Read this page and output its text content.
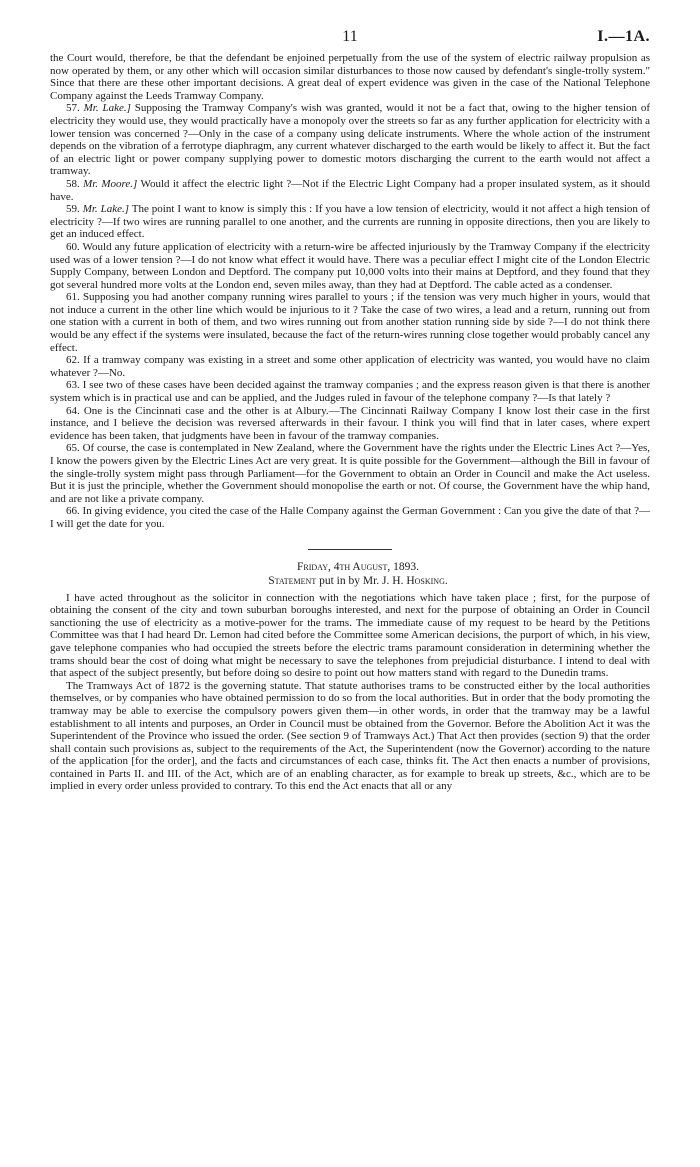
11	I.—1A.

the Court would, therefore, be that the defendant be enjoined perpetually from the use of the system of electric railway propulsion as now operated by them, or any other which will occasion similar disturbances to those now caused by defendant's single-trolly system." Since that there are these other important decisions. A great deal of expert evidence was given in the case of the National Telephone Company against the Leeds Tramway Company.

57. Mr. Lake.] Supposing the Tramway Company's wish was granted, would it not be a fact that, owing to the higher tension of electricity they would use, they would practically have a monopoly over the streets so far as any further application for electricity with a lower tension was concerned ?—Only in the case of a company using delicate instruments. Where the whole action of the instrument depends on the vibration of a ferrotype diaphragm, any current whatever discharged to the earth would be likely to affect it. But the fact of an electric light or power company supplying power to domestic motors discharging the current to the earth would not affect a tramway.

58. Mr. Moore.] Would it affect the electric light ?—Not if the Electric Light Company had a proper insulated system, as it should have.

59. Mr. Lake.] The point I want to know is simply this : If you have a low tension of electricity, would it not affect a high tension of electricity ?—If two wires are running parallel to one another, and the currents are running in opposite directions, then you are likely to get an induced effect.

60. Would any future application of electricity with a return-wire be affected injuriously by the Tramway Company if the electricity used was of a lower tension ?—I do not know what effect it would have. There was a peculiar effect I might cite of the London Electric Supply Company, between London and Deptford. The company put 10,000 volts into their mains at Deptford, and they found that they got several hundred more volts at the London end, seven miles away, than they had at Deptford. The cable acted as a condenser.

61. Supposing you had another company running wires parallel to yours ; if the tension was very much higher in yours, would that not induce a current in the other line which would be injurious to it ? Take the case of two wires, a lead and a return, running out from one station with a current in both of them, and two wires running out from another station running side by side ?—I do not think there would be any effect if the systems were insulated, because the fact of the return-wires running close together would probably cancel any effect.

62. If a tramway company was existing in a street and some other application of electricity was wanted, you would have no claim whatever ?—No.

63. I see two of these cases have been decided against the tramway companies ; and the express reason given is that there is another system which is in practical use and can be applied, and the Judges ruled in favour of the telephone company ?—Is that lately ?

64. One is the Cincinnati case and the other is at Albury.—The Cincinnati Railway Company I know lost their case in the first instance, and I believe the decision was reversed afterwards in their favour. I think you will find that in later cases, where expert evidence has been taken, that judgments have been in favour of the tramway companies.

65. Of course, the case is contemplated in New Zealand, where the Government have the rights under the Electric Lines Act ?—Yes, I know the powers given by the Electric Lines Act are very great. It is quite possible for the Government—although the Bill in favour of the single-trolly system might pass through Parliament—for the Government to obtain an Order in Council and make the Act useless. But it is just the principle, whether the Government should monopolise the earth or not. Of course, the Government have the whip hand, and are not like a private company.

66. In giving evidence, you cited the case of the Halle Company against the German Government : Can you give the date of that ?—I will get the date for you.

Friday, 4th August, 1893.

Statement put in by Mr. J. H. Hosking.

I have acted throughout as the solicitor in connection with the negotiations which have taken place ; first, for the purpose of obtaining the consent of the city and town suburban boroughs interested, and next for the purpose of obtaining an Order in Council sanctioning the use of electricity as a motive-power for the trams. The immediate cause of my request to be heard by the Petitions Committee was that I had heard Dr. Lemon had cited before the Committee some American decisions, the purport of which, in his view, gave telephone companies who had occupied the streets before the electric trams paramount consideration in determining whether the trams should bear the cost of doing what might be necessary to save the telephones from prejudicial disturbance. I intend to deal with that aspect of the subject presently, but before doing so desire to point out how matters stand with regard to the Dunedin trams.

The Tramways Act of 1872 is the governing statute. That statute authorises trams to be constructed either by the local authorities themselves, or by companies who have obtained permission to do so from the local authorities. But in order that the body promoting the tramway may be able to exercise the compulsory powers given them—in other words, in order that the tramway may be a lawful establishment to all intents and purposes, an Order in Council must be obtained from the Governor. Before the Abolition Act it was the Superintendent of the Province who issued the order. (See section 9 of Tramways Act.) That Act then provides (section 9) that the order shall contain such provisions as, subject to the requirements of the Act, the Superintendent (now the Governor) according to the nature of the application [for the order], and the facts and circumstances of each case, thinks fit. The Act then enacts a number of provisions, contained in Parts II. and III. of the Act, which are of an enabling character, as for example to break up streets, &c., which are to be implied in every order unless provided to contrary. To this end the Act enacts that all or any
